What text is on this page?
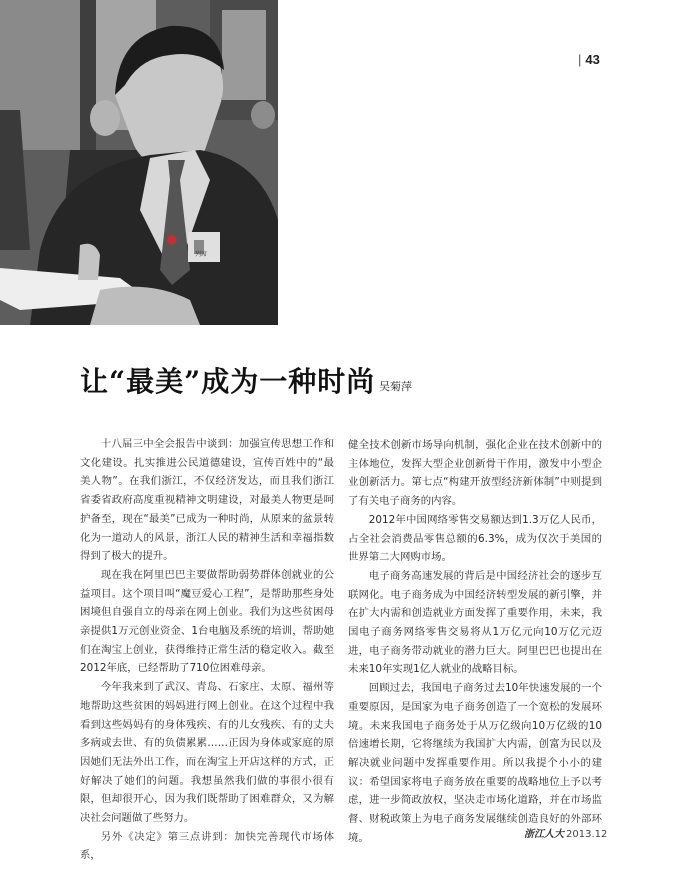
列席
| 43
让“最美”成为一种时尚 吴菊萍

十八届三中全会报告中谈到：加强宣传思想工作和文化建设。扎实推进公民道德建设，宣传百姓中的“最美人物”。在我们浙江，不仅经济发达，而且我们浙江省委省政府高度重视精神文明建设，对最美人物更是呵护备至，现在“最美”已成为一种时尚，从原来的盆景转化为一道动人的风景，浙江人民的精神生活和幸福指数得到了极大的提升。

现在我在阿里巴巴主要做帮助弱势群体创就业的公益项目。这个项目叫“魔豆爱心工程”，是帮助那些身处困境但自强自立的母亲在网上创业。我们为这些贫困母亲提供1万元创业资金、1台电脑及系统的培训，帮助她们在淘宝上创业，获得维持正常生活的稳定收入。截至2012年底，已经帮助了710位困难母亲。

今年我来到了武汉、青岛、石家庄、太原、福州等地帮助这些贫困的妈妈进行网上创业。在这个过程中我看到这些妈妈有的身体残疾、有的儿女残疾、有的丈夫多病或去世、有的负债累累……正因为身体或家庭的原因她们无法外出工作，而在淘宝上开店这样的方式，正好解决了她们的问题。我想虽然我们做的事很小很有限，但却很开心，因为我们既帮助了困难群众，又为解决社会问题做了些努力。

另外《决定》第三点讲到：加快完善现代市场体系，

健全技术创新市场导向机制，强化企业在技术创新中的主体地位，发挥大型企业创新骨干作用，激发中小型企业创新活力。第七点“构建开放型经济新体制”中则提到了有关电子商务的内容。

2012年中国网络零售交易额达到1.3万亿人民币，占全社会消费品零售总额的6.3%，成为仅次于美国的世界第二大网购市场。

电子商务高速发展的背后是中国经济社会的逐步互联网化。电子商务成为中国经济转型发展的新引擎，并在扩大内需和创造就业方面发挥了重要作用，未来，我国电子商务网络零售交易将从1万亿元向10万亿元迈进，电子商务带动就业的潜力巨大。阿里巴巴也提出在未来10年实现1亿人就业的战略目标。

回顾过去，我国电子商务过去10年快速发展的一个重要原因，是国家为电子商务创造了一个宽松的发展环境。未来我国电子商务处于从万亿级向10万亿级的10倍速增长期，它将继续为我国扩大内需，创富为民以及解决就业问题中发挥重要作用。所以我提个小小的建议：希望国家将电子商务放在重要的战略地位上予以考虑，进一步简政放权，坚决走市场化道路，并在市场监督、财税政策上为电子商务发展继续创造良好的外部环境。	浙江人大 2013.12
